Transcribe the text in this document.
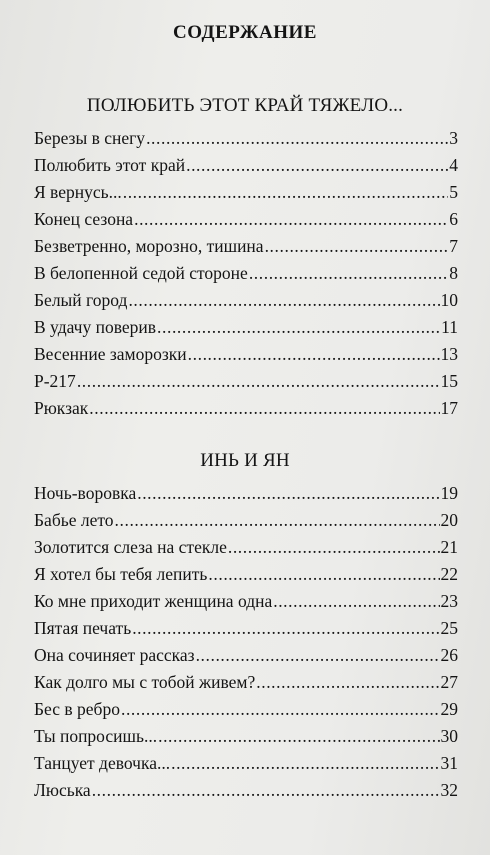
СОДЕРЖАНИЕ
ПОЛЮБИТЬ ЭТОТ КРАЙ ТЯЖЕЛО...
Березы в снегу .....	3
Полюбить этот край .....	4
Я вернусь... .....	5
Конец сезона .....	6
Безветренно, морозно, тишина .....	7
В белопенной седой стороне .....	8
Белый город .....	10
В удачу поверив .....	11
Весенние заморозки .....	13
Р-217 .....	15
Рюкзак .....	17
ИНЬ И ЯН
Ночь-воровка .....	19
Бабье лето .....	20
Золотится слеза на стекле .....	21
Я хотел бы тебя лепить .....	22
Ко мне приходит женщина одна .....	23
Пятая печать .....	25
Она сочиняет рассказ .....	26
Как долго мы с тобой живем? .....	27
Бес в ребро .....	29
Ты попросишь... .....	30
Танцует девочка... .....	31
Люська .....	32
